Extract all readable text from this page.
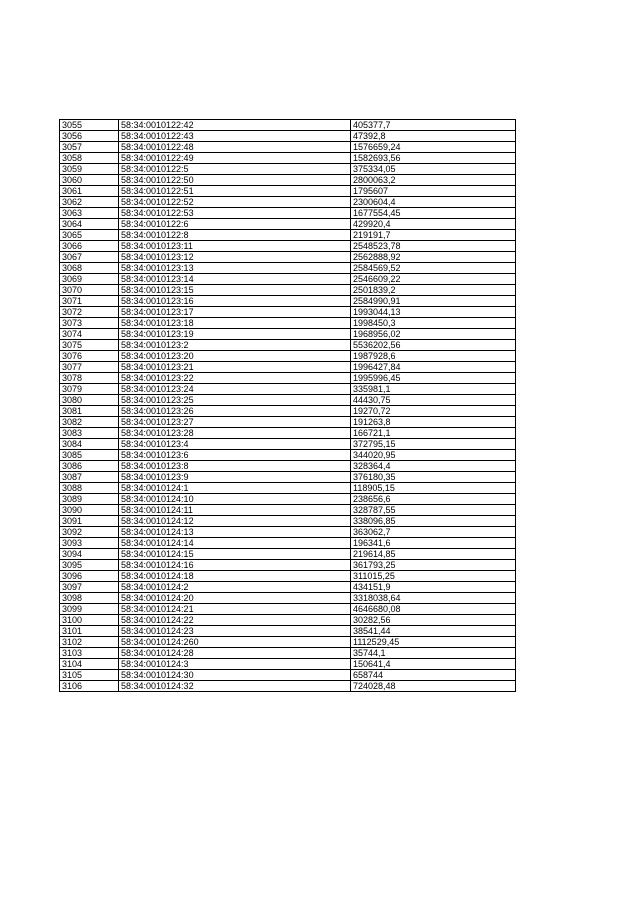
3055	58:34:0010122:42	405377,7
3056	58:34:0010122:43	47392,8
3057	58:34:0010122:48	1576659,24
3058	58:34:0010122:49	1582693,56
3059	58:34:0010122:5	375334,05
3060	58:34:0010122:50	2800063,2
3061	58:34:0010122:51	1795607
3062	58:34:0010122:52	2300604,4
3063	58:34:0010122:53	1677554,45
3064	58:34:0010122:6	429920,4
3065	58:34:0010122:8	219191,7
3066	58:34:0010123:11	2548523,78
3067	58:34:0010123:12	2562888,92
3068	58:34:0010123:13	2584569,52
3069	58:34:0010123:14	2546609,22
3070	58:34:0010123:15	2501839,2
3071	58:34:0010123:16	2584990,91
3072	58:34:0010123:17	1993044,13
3073	58:34:0010123:18	1998450,3
3074	58:34:0010123:19	1968956,02
3075	58:34:0010123:2	5536202,56
3076	58:34:0010123:20	1987928,6
3077	58:34:0010123:21	1996427,84
3078	58:34:0010123:22	1995996,45
3079	58:34:0010123:24	335981,1
3080	58:34:0010123:25	44430,75
3081	58:34:0010123:26	19270,72
3082	58:34:0010123:27	191263,8
3083	58:34:0010123:28	166721,1
3084	58:34:0010123:4	372795,15
3085	58:34:0010123:6	344020,95
3086	58:34:0010123:8	328364,4
3087	58:34:0010123:9	376180,35
3088	58:34:0010124:1	118905,15
3089	58:34:0010124:10	238656,6
3090	58:34:0010124:11	328787,55
3091	58:34:0010124:12	338096,85
3092	58:34:0010124:13	363062,7
3093	58:34:0010124:14	196341,6
3094	58:34:0010124:15	219614,85
3095	58:34:0010124:16	361793,25
3096	58:34:0010124:18	311015,25
3097	58:34:0010124:2	434151,9
3098	58:34:0010124:20	3318038,64
3099	58:34:0010124:21	4646680,08
3100	58:34:0010124:22	30282,56
3101	58:34:0010124:23	38541,44
3102	58:34:0010124:260	1112529,45
3103	58:34:0010124:28	35744,1
3104	58:34:0010124:3	150641,4
3105	58:34:0010124:30	658744
3106	58:34:0010124:32	724028,48
